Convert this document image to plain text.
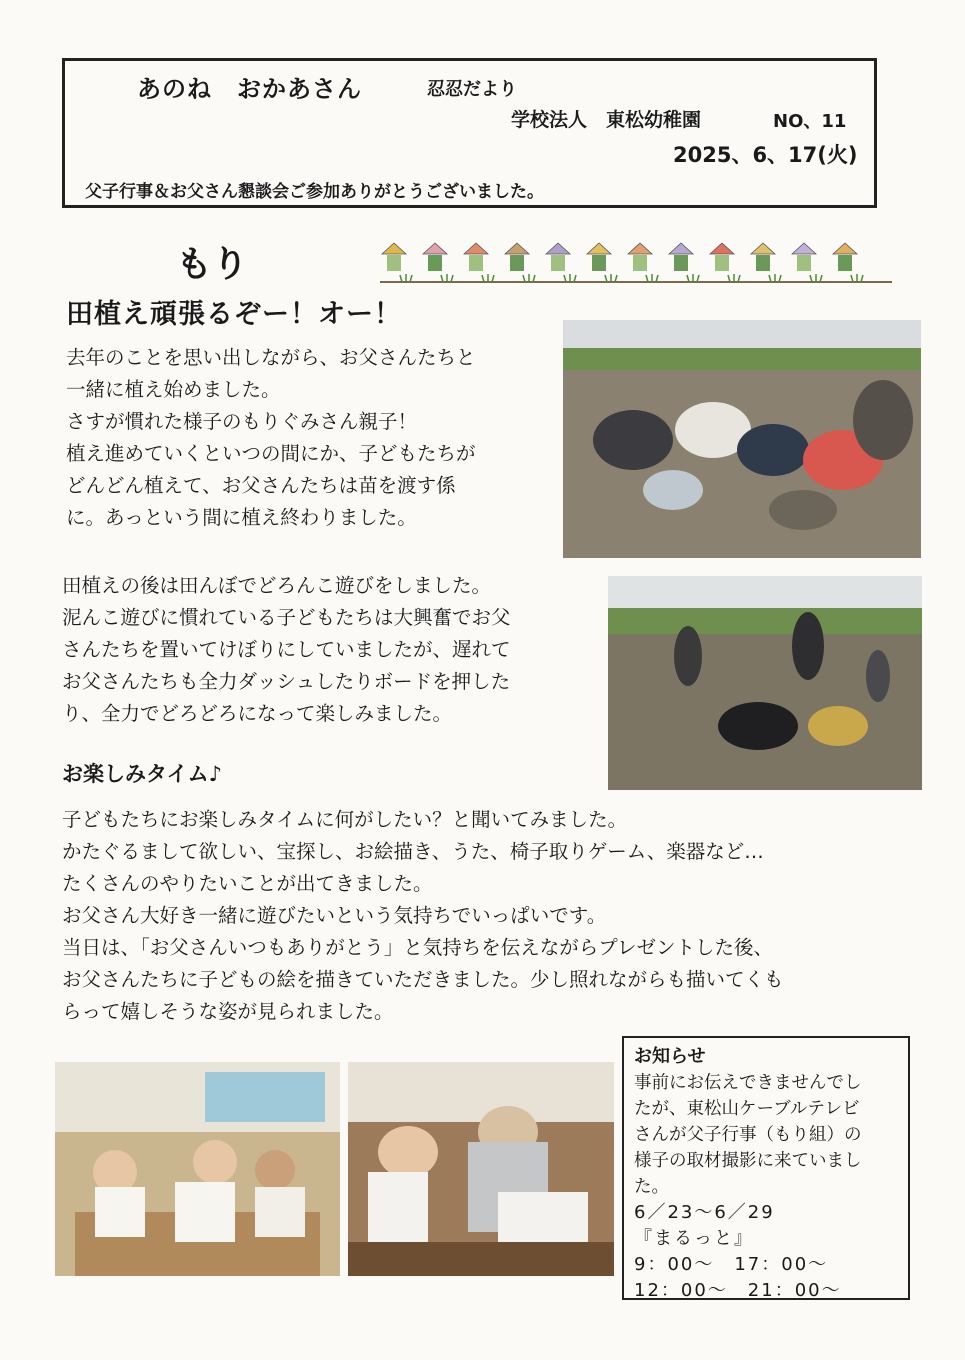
あのね　おかあさん	忍忍だより
学校法人　東松幼稚園	NO、11
2025、6、17(火)
父子行事＆お父さん懇談会ご参加ありがとうございました。
もり
田植え頑張るぞー！オー！
去年のことを思い出しながら、お父さんたちと
一緒に植え始めました。
さすが慣れた様子のもりぐみさん親子！
植え進めていくといつの間にか、子どもたちが
どんどん植えて、お父さんたちは苗を渡す係
に。あっという間に植え終わりました。
田植えの後は田んぼでどろんこ遊びをしました。
泥んこ遊びに慣れている子どもたちは大興奮でお父
さんたちを置いてけぼりにしていましたが、遅れて
お父さんたちも全力ダッシュしたりボードを押した
り、全力でどろどろになって楽しみました。
お楽しみタイム♪
子どもたちにお楽しみタイムに何がしたい？と聞いてみました。
かたぐるまして欲しい、宝探し、お絵描き、うた、椅子取りゲーム、楽器など…
たくさんのやりたいことが出てきました。
お父さん大好き一緒に遊びたいという気持ちでいっぱいです。
当日は、「お父さんいつもありがとう」と気持ちを伝えながらプレゼントした後、
お父さんたちに子どもの絵を描きていただきました。少し照れながらも描いてくも
らって嬉しそうな姿が見られました。
お知らせ
事前にお伝えできませんでし
たが、東松山ケーブルテレビ
さんが父子行事（もり組）の
様子の取材撮影に来ていまし
た。
6／23〜6／29
『まるっと』
9：00〜　17：00〜
12：00〜　21：00〜
